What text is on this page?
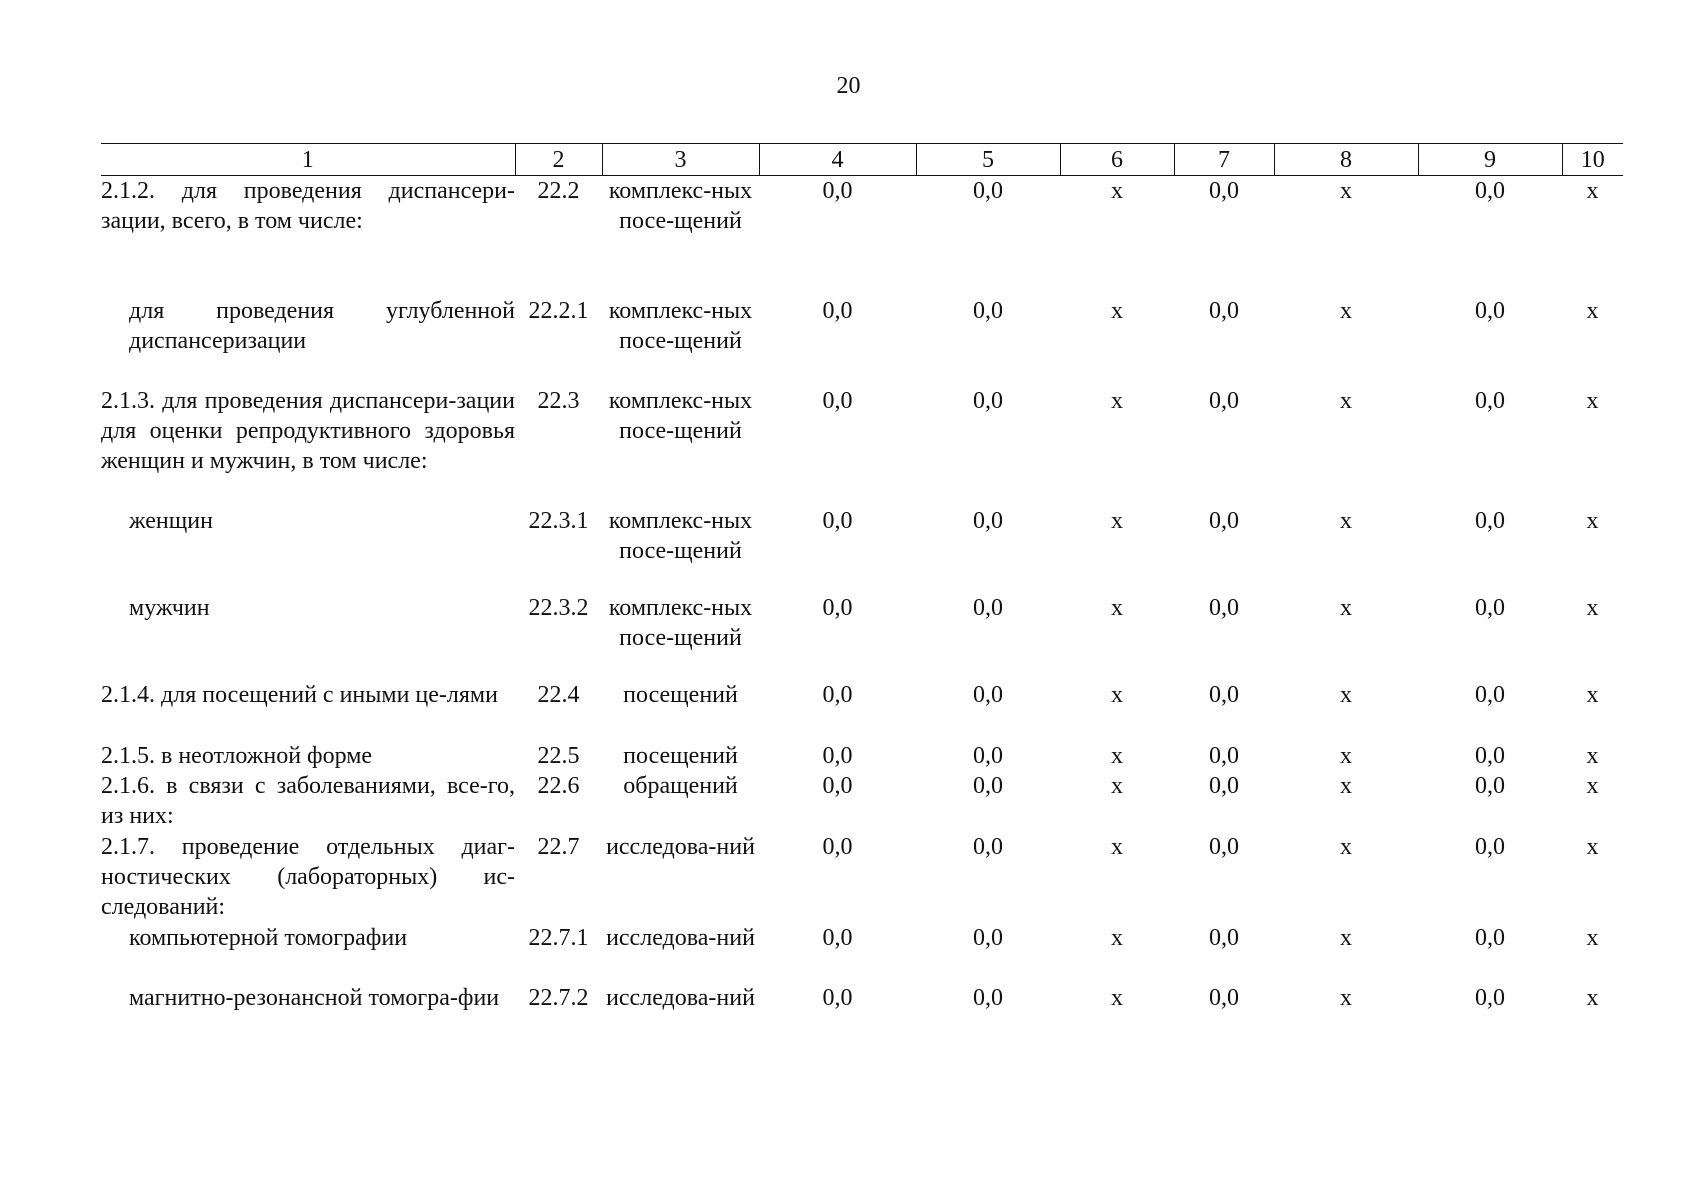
20
1	2	3	4	5	6	7	8	9	10
2.1.2. для проведения диспансери-зации, всего, в том числе:	22.2	комплекс-ных посе-щений	0,0	0,0	х	0,0	х	0,0	х
для проведения углубленной диспансеризации	22.2.1	комплекс-ных посе-щений	0,0	0,0	х	0,0	х	0,0	х
2.1.3. для проведения диспансери-зации для оценки репродуктивного здоровья женщин и мужчин, в том числе:	22.3	комплекс-ных посе-щений	0,0	0,0	х	0,0	х	0,0	х
женщин	22.3.1	комплекс-ных посе-щений	0,0	0,0	х	0,0	х	0,0	х
мужчин	22.3.2	комплекс-ных посе-щений	0,0	0,0	х	0,0	х	0,0	х
2.1.4. для посещений с иными це-лями	22.4	посещений	0,0	0,0	х	0,0	х	0,0	х
2.1.5. в неотложной форме	22.5	посещений	0,0	0,0	х	0,0	х	0,0	х
2.1.6. в связи с заболеваниями, все-го, из них:	22.6	обращений	0,0	0,0	х	0,0	х	0,0	х
2.1.7. проведение отдельных диаг-ностических (лабораторных) ис-следований:	22.7	исследова-ний	0,0	0,0	х	0,0	х	0,0	х
компьютерной томографии	22.7.1	исследова-ний	0,0	0,0	х	0,0	х	0,0	х
магнитно-резонансной томогра-фии	22.7.2	исследова-ний	0,0	0,0	х	0,0	х	0,0	х
